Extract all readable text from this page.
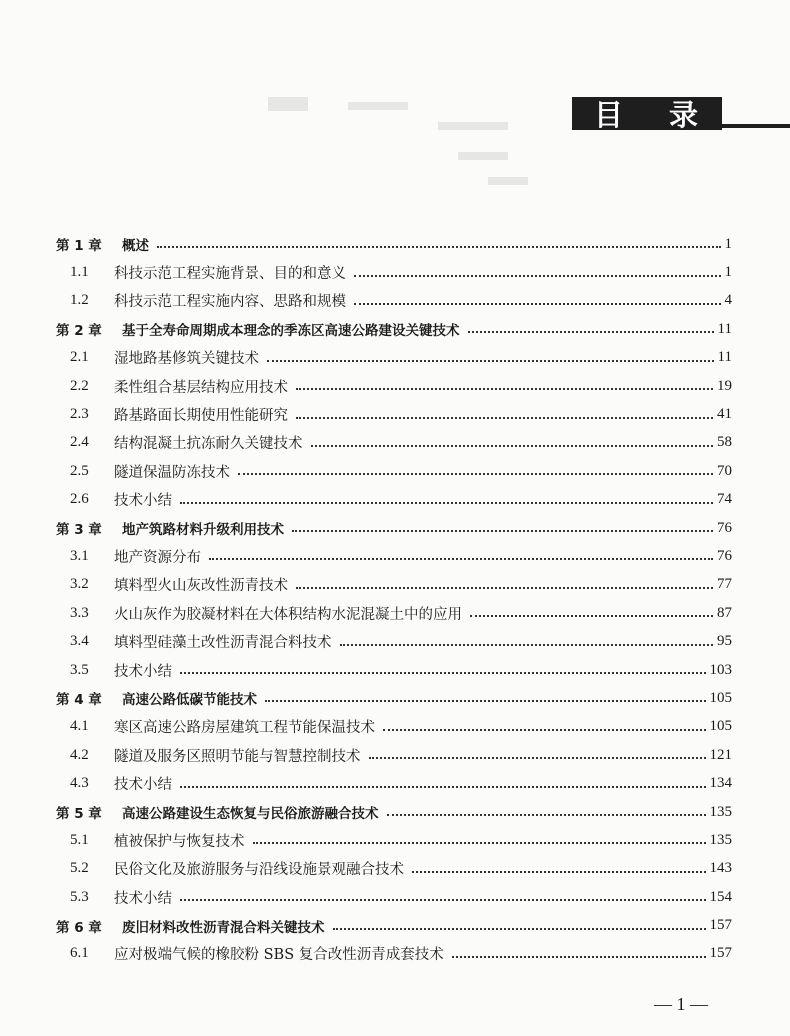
目 录
第 1 章	概述	1
1.1	科技示范工程实施背景、目的和意义	1
1.2	科技示范工程实施内容、思路和规模	4
第 2 章	基于全寿命周期成本理念的季冻区高速公路建设关键技术	11
2.1	湿地路基修筑关键技术	11
2.2	柔性组合基层结构应用技术	19
2.3	路基路面长期使用性能研究	41
2.4	结构混凝土抗冻耐久关键技术	58
2.5	隧道保温防冻技术	70
2.6	技术小结	74
第 3 章	地产筑路材料升级利用技术	76
3.1	地产资源分布	76
3.2	填料型火山灰改性沥青技术	77
3.3	火山灰作为胶凝材料在大体积结构水泥混凝土中的应用	87
3.4	填料型硅藻土改性沥青混合料技术	95
3.5	技术小结	103
第 4 章	高速公路低碳节能技术	105
4.1	寒区高速公路房屋建筑工程节能保温技术	105
4.2	隧道及服务区照明节能与智慧控制技术	121
4.3	技术小结	134
第 5 章	高速公路建设生态恢复与民俗旅游融合技术	135
5.1	植被保护与恢复技术	135
5.2	民俗文化及旅游服务与沿线设施景观融合技术	143
5.3	技术小结	154
第 6 章	废旧材料改性沥青混合料关键技术	157
6.1	应对极端气候的橡胶粉 SBS 复合改性沥青成套技术	157
— 1 —
